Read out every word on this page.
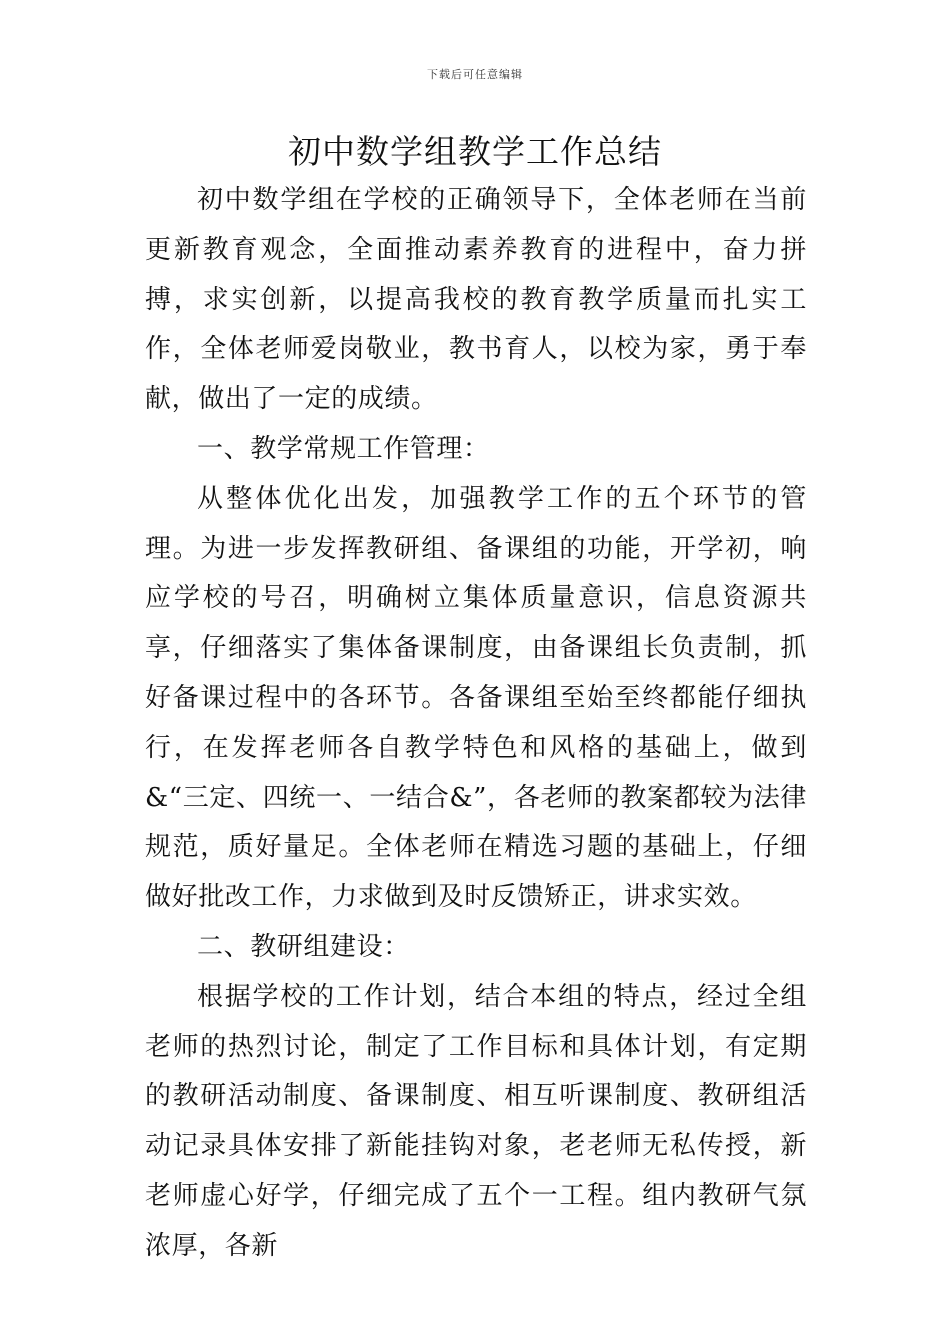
下载后可任意编辑
初中数学组教学工作总结

初中数学组在学校的正确领导下，全体老师在当前更新教育观念，全面推动素养教育的进程中，奋力拼搏，求实创新，以提高我校的教育教学质量而扎实工作，全体老师爱岗敬业，教书育人，以校为家，勇于奉献，做出了一定的成绩。

一、教学常规工作管理：

从整体优化出发，加强教学工作的五个环节的管理。为进一步发挥教研组、备课组的功能，开学初，响应学校的号召，明确树立集体质量意识，信息资源共享，仔细落实了集体备课制度，由备课组长负责制，抓好备课过程中的各环节。各备课组至始至终都能仔细执行，在发挥老师各自教学特色和风格的基础上，做到&“三定、四统一、一结合&”，各老师的教案都较为法律规范，质好量足。全体老师在精选习题的基础上，仔细做好批改工作，力求做到及时反馈矫正，讲求实效。

二、教研组建设：

根据学校的工作计划，结合本组的特点，经过全组老师的热烈讨论，制定了工作目标和具体计划，有定期的教研活动制度、备课制度、相互听课制度、教研组活动记录具体安排了新能挂钩对象，老老师无私传授，新老师虚心好学，仔细完成了五个一工程。组内教研气氛浓厚，各新
